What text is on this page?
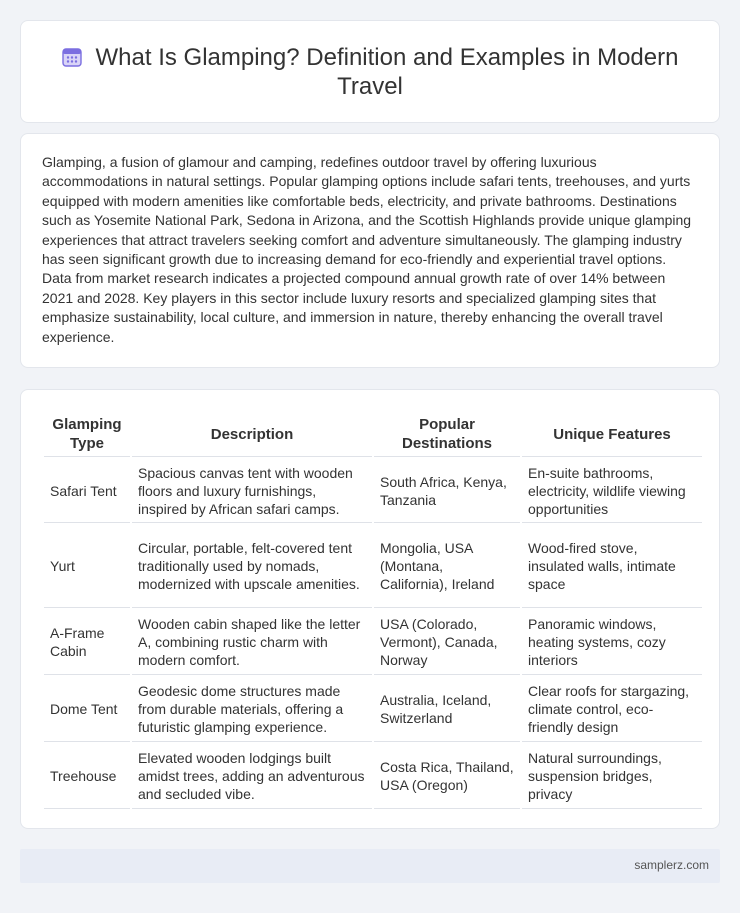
What Is Glamping? Definition and Examples in Modern Travel

Glamping, a fusion of glamour and camping, redefines outdoor travel by offering luxurious accommodations in natural settings. Popular glamping options include safari tents, treehouses, and yurts equipped with modern amenities like comfortable beds, electricity, and private bathrooms. Destinations such as Yosemite National Park, Sedona in Arizona, and the Scottish Highlands provide unique glamping experiences that attract travelers seeking comfort and adventure simultaneously. The glamping industry has seen significant growth due to increasing demand for eco-friendly and experiential travel options. Data from market research indicates a projected compound annual growth rate of over 14% between 2021 and 2028. Key players in this sector include luxury resorts and specialized glamping sites that emphasize sustainability, local culture, and immersion in nature, thereby enhancing the overall travel experience.

Glamping Type	Description	Popular Destinations	Unique Features
Safari Tent	Spacious canvas tent with wooden floors and luxury furnishings, inspired by African safari camps.	South Africa, Kenya, Tanzania	En-suite bathrooms, electricity, wildlife viewing opportunities
Yurt	Circular, portable, felt-covered tent traditionally used by nomads, modernized with upscale amenities.	Mongolia, USA (Montana, California), Ireland	Wood-fired stove, insulated walls, intimate space
A-Frame Cabin	Wooden cabin shaped like the letter A, combining rustic charm with modern comfort.	USA (Colorado, Vermont), Canada, Norway	Panoramic windows, heating systems, cozy interiors
Dome Tent	Geodesic dome structures made from durable materials, offering a futuristic glamping experience.	Australia, Iceland, Switzerland	Clear roofs for stargazing, climate control, eco-friendly design
Treehouse	Elevated wooden lodgings built amidst trees, adding an adventurous and secluded vibe.	Costa Rica, Thailand, USA (Oregon)	Natural surroundings, suspension bridges, privacy
samplerz.com
